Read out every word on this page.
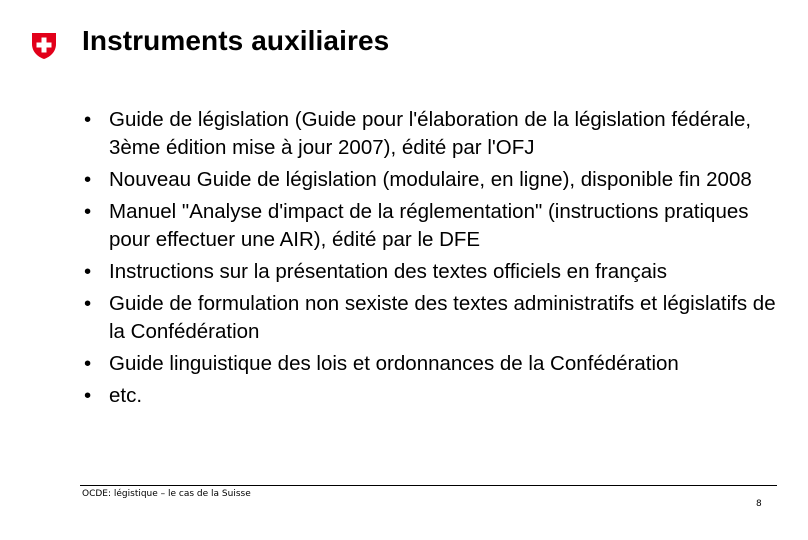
Instruments auxiliaires
• Guide de législation (Guide pour l'élaboration de la législation fédérale, 3ème édition mise à jour 2007), édité par l'OFJ
• Nouveau Guide de législation (modulaire, en ligne), disponible fin 2008
• Manuel "Analyse d'impact de la réglementation" (instructions pratiques pour effectuer une AIR), édité par le DFE
• Instructions sur la présentation des textes officiels en français
• Guide de formulation non sexiste des textes administratifs et législatifs de la Confédération
• Guide linguistique des lois et ordonnances de la Confédération
• etc.
OCDE: légistique – le cas de la Suisse
8
